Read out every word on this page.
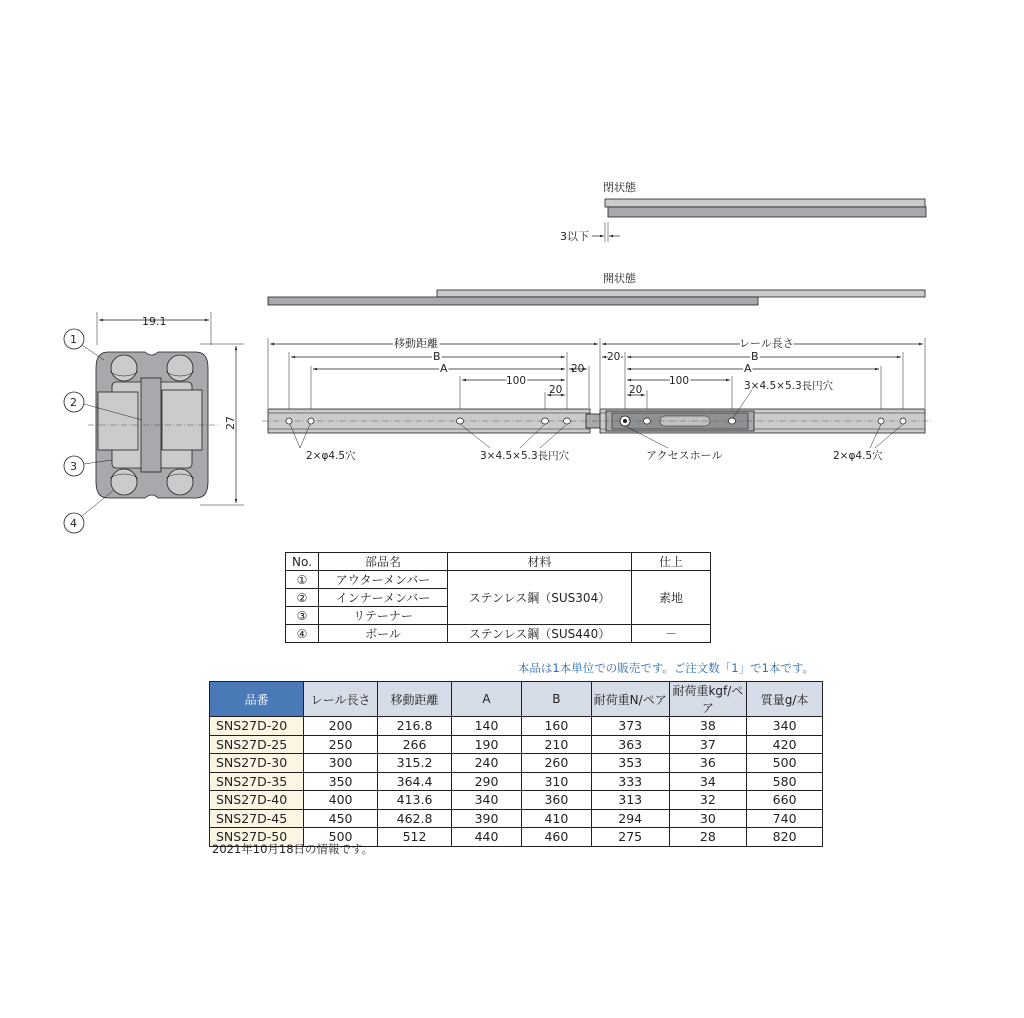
19.1
27
1
2
3
4
閉状態
3以下
開状態
移動距離	レール長さ
B
A	20
100
20
20	B
A
100
20
2×φ4.5穴	3×4.5×5.3長円穴	アクセスホール	2×φ4.5穴
3×4.5×5.3長円穴
No.	部品名	材料	仕上
①	アウターメンバー	ステンレス鋼（SUS304）	素地
②	インナーメンバー		
③	リテーナー		
④	ボール	ステンレス鋼（SUS440）	－
本品は1本単位での販売です。ご注文数「1」で1本です。
品番	レール長さ	移動距離	A	B	耐荷重N/ペア	耐荷重kgf/ペア	質量g/本
SNS27D-20	200	216.8	140	160	373	38	340
SNS27D-25	250	266	190	210	363	37	420
SNS27D-30	300	315.2	240	260	353	36	500
SNS27D-35	350	364.4	290	310	333	34	580
SNS27D-40	400	413.6	340	360	313	32	660
SNS27D-45	450	462.8	390	410	294	30	740
SNS27D-50	500	512	440	460	275	28	820
2021年10月18日の情報です。
